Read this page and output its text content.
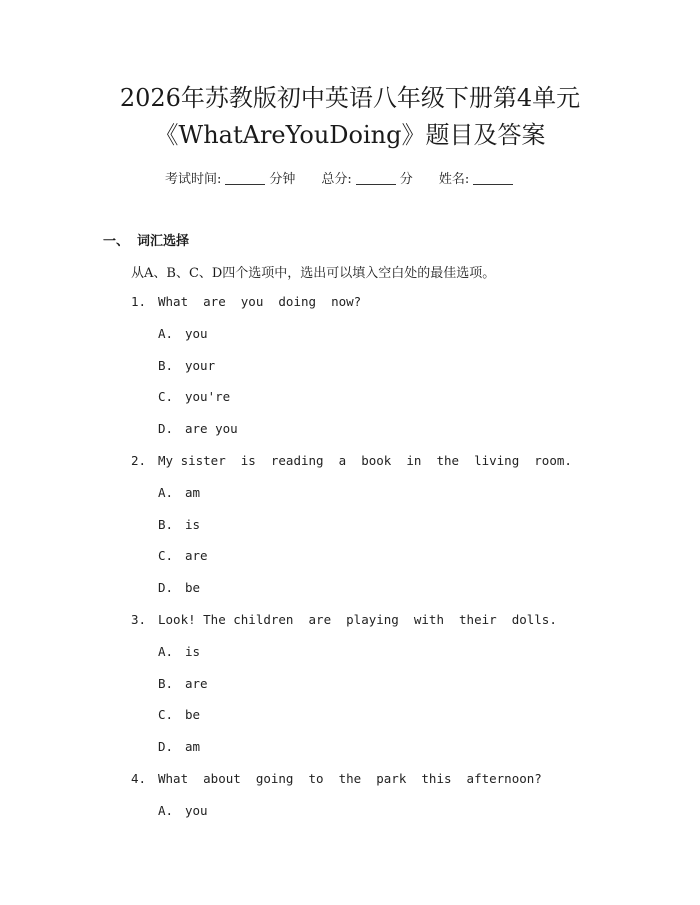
2026年苏教版初中英语八年级下册第4单元
《WhatAreYouDoing》题目及答案
考试时间:	分钟 总分:	分 姓名:
一、 词汇选择
从A、B、C、D四个选项中，选出可以填入空白处的最佳选项。
1. What  are  you  doing  now?
A. you
B. your
C. you're
D. are you
2. My sister  is  reading  a  book  in  the  living  room.
A. am
B. is
C. are
D. be
3. Look! The children  are  playing  with  their  dolls.
A. is
B. are
C. be
D. am
4. What  about  going  to  the  park  this  afternoon?
A. you
